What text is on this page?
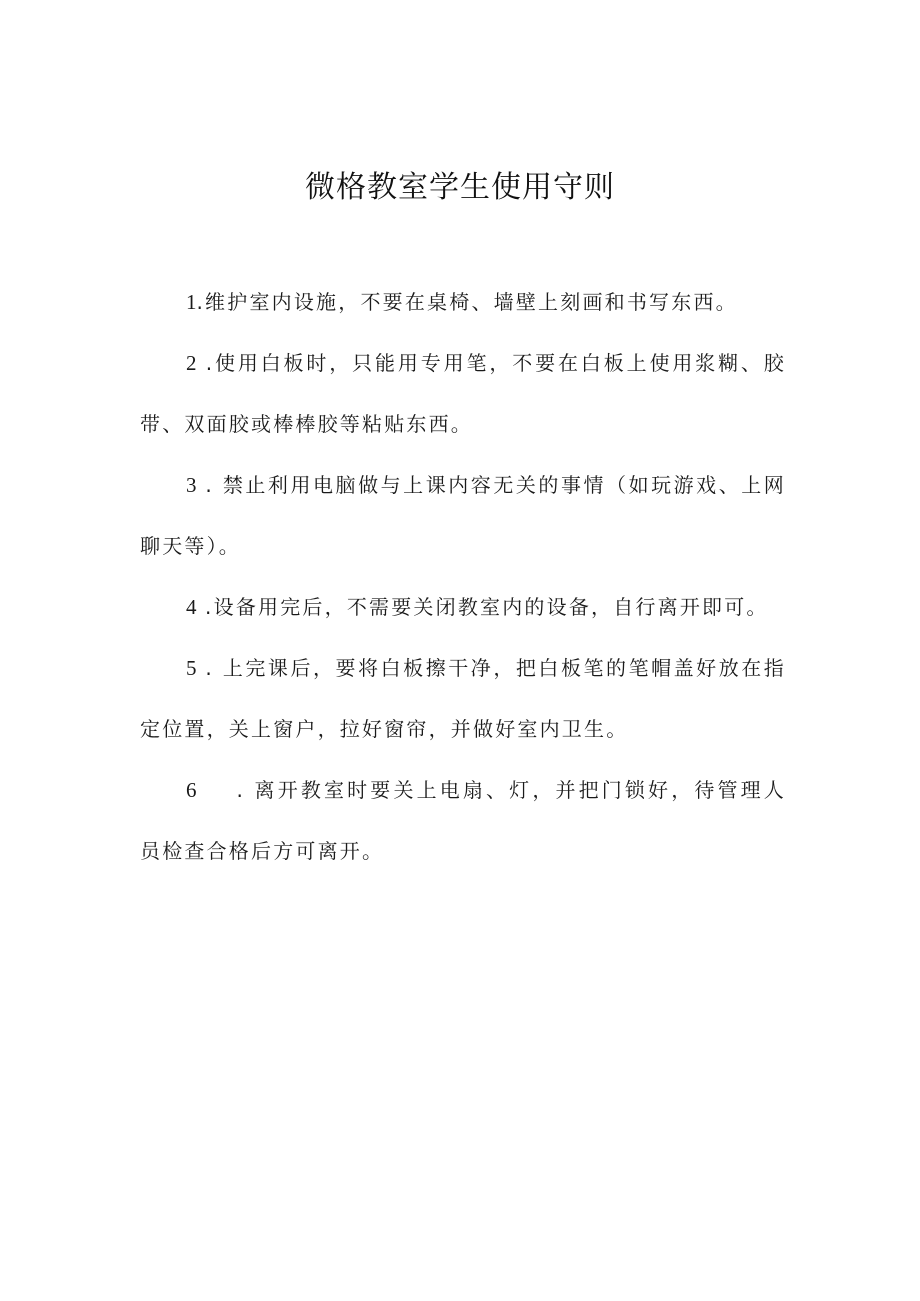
微格教室学生使用守则

1.维护室内设施，不要在桌椅、墙壁上刻画和书写东西。

2 .使用白板时，只能用专用笔，不要在白板上使用浆糊、胶带、双面胶或棒棒胶等粘贴东西。

3 . 禁止利用电脑做与上课内容无关的事情（如玩游戏、上网聊天等）。

4 .设备用完后，不需要关闭教室内的设备，自行离开即可。

5 . 上完课后，要将白板擦干净，把白板笔的笔帽盖好放在指定位置，关上窗户，拉好窗帘，并做好室内卫生。

6 . 离开教室时要关上电扇、灯，并把门锁好，待管理人员检查合格后方可离开。
